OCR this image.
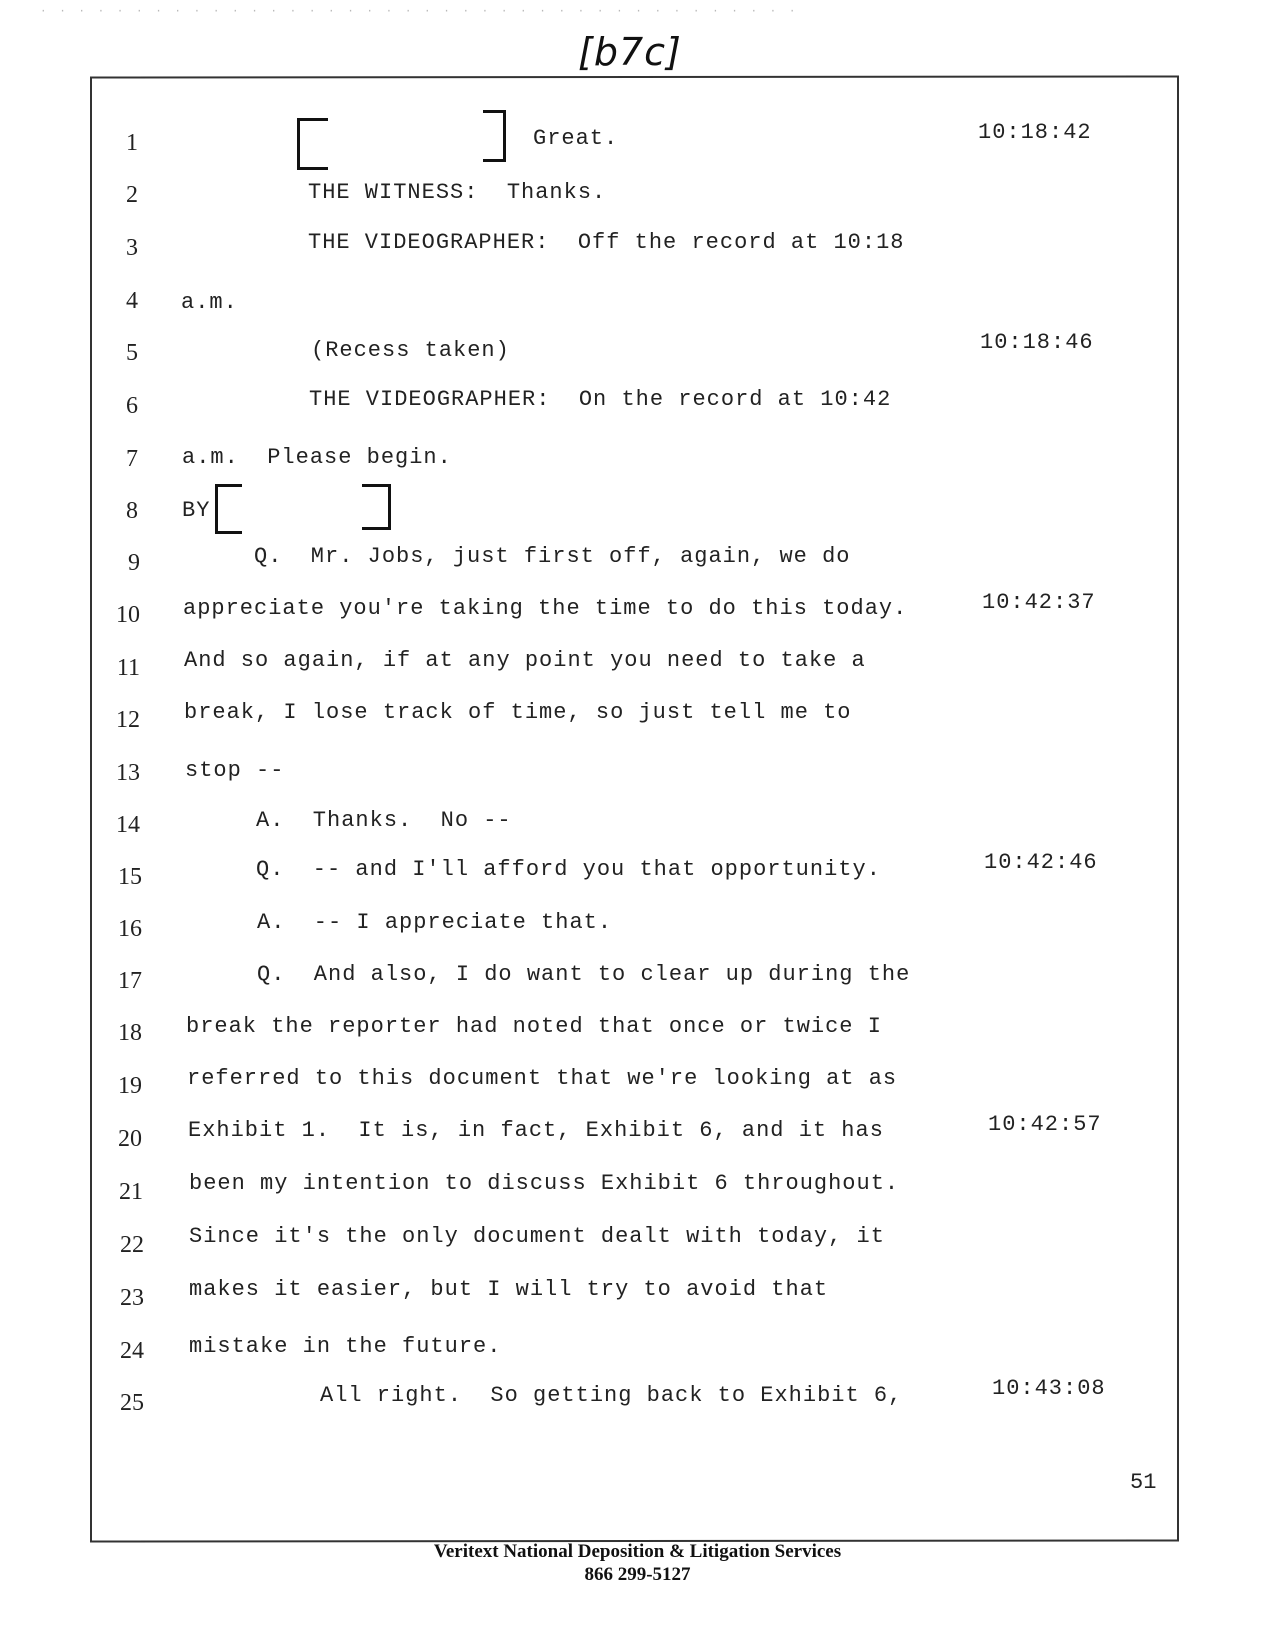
· · · · · · · · · · · · · · · · · · · · · · · · · · · · · · · · · · · · · · · ·
[b7c]
1	Great.	10:18:42
2	THE WITNESS:  Thanks.
3	THE VIDEOGRAPHER:  Off the record at 10:18
4 a.m.
5	(Recess taken)	10:18:46
6	THE VIDEOGRAPHER:  On the record at 10:42
7 a.m.  Please begin.
8 BY
9	Q.  Mr. Jobs, just first off, again, we do
10 appreciate you're taking the time to do this today.	10:42:37
11 And so again, if at any point you need to take a
12 break, I lose track of time, so just tell me to
13 stop --
14	A.  Thanks.  No --
15	Q.  -- and I'll afford you that opportunity.	10:42:46
16	A.  -- I appreciate that.
17	Q.  And also, I do want to clear up during the
18 break the reporter had noted that once or twice I
19 referred to this document that we're looking at as
20 Exhibit 1.  It is, in fact, Exhibit 6, and it has	10:42:57
21 been my intention to discuss Exhibit 6 throughout.
22 Since it's the only document dealt with today, it
23 makes it easier, but I will try to avoid that
24 mistake in the future.
25	All right.  So getting back to Exhibit 6,	10:43:08
51
Veritext National Deposition & Litigation Services
866 299-5127
